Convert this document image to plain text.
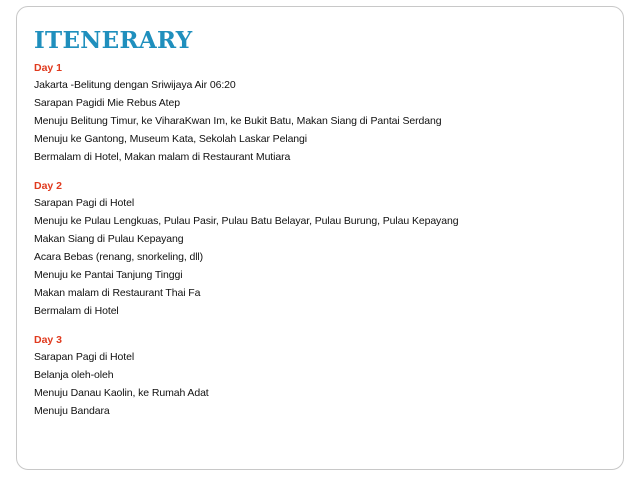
ITENERARY
Day 1
Jakarta -Belitung dengan Sriwijaya Air 06:20
Sarapan Pagidi Mie Rebus Atep
Menuju Belitung Timur, ke ViharaKwan Im, ke Bukit Batu, Makan Siang di Pantai Serdang
Menuju ke Gantong, Museum Kata, Sekolah Laskar Pelangi
Bermalam di Hotel, Makan malam di Restaurant Mutiara
Day 2
Sarapan Pagi di Hotel
Menuju ke Pulau Lengkuas, Pulau Pasir, Pulau Batu Belayar, Pulau Burung, Pulau Kepayang
Makan Siang di Pulau Kepayang
Acara Bebas (renang, snorkeling, dll)
Menuju ke Pantai Tanjung Tinggi
Makan malam di Restaurant Thai Fa
Bermalam di Hotel
Day 3
Sarapan Pagi di Hotel
Belanja oleh-oleh
Menuju Danau Kaolin, ke Rumah Adat
Menuju Bandara
